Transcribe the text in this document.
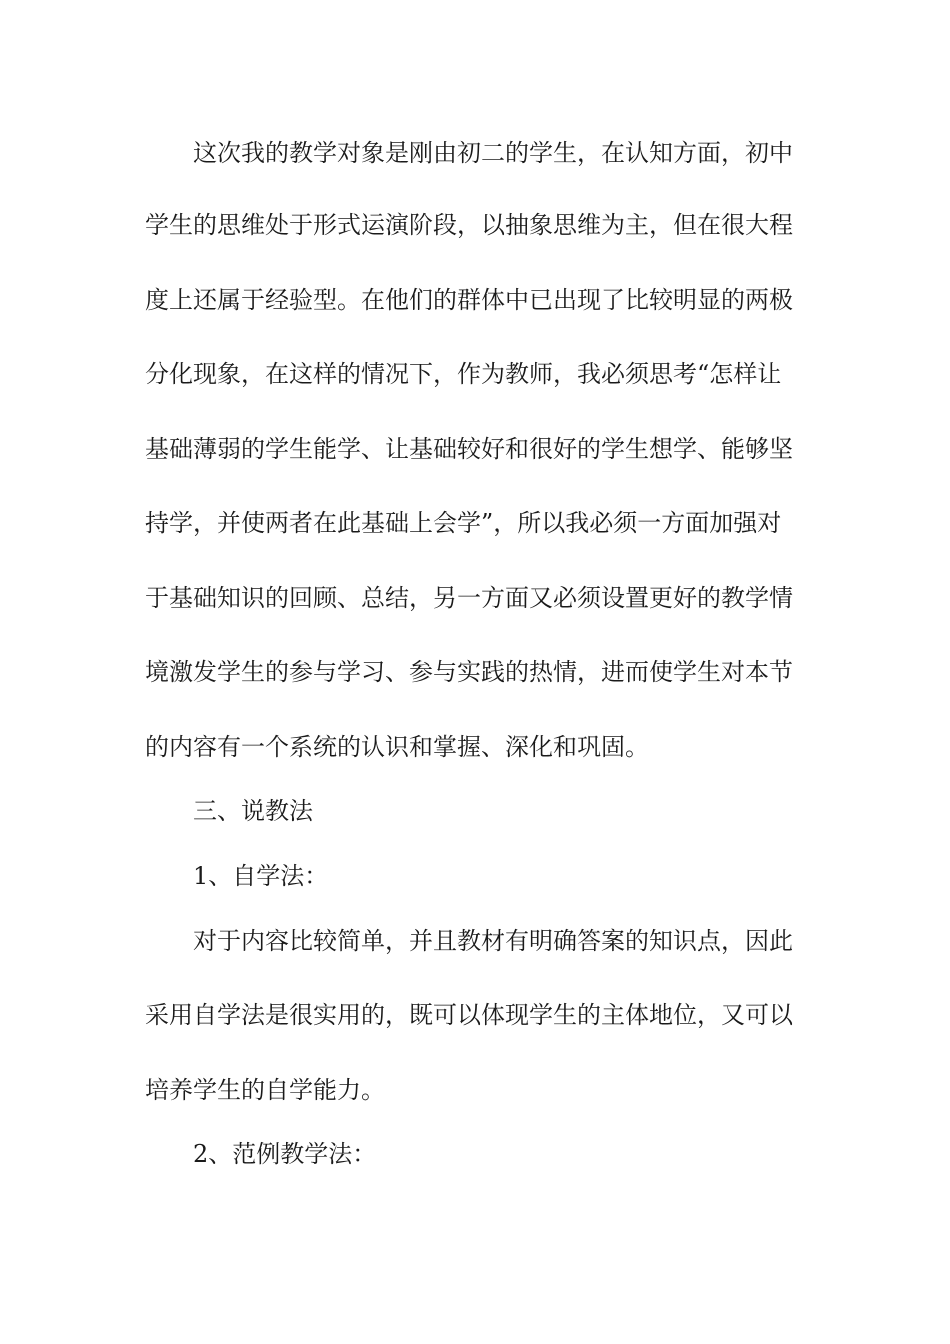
这次我的教学对象是刚由初二的学生，在认知方面，初中
学生的思维处于形式运演阶段，以抽象思维为主，但在很大程
度上还属于经验型。在他们的群体中已出现了比较明显的两极
分化现象，在这样的情况下，作为教师，我必须思考“怎样让
基础薄弱的学生能学、让基础较好和很好的学生想学、能够坚
持学，并使两者在此基础上会学”，所以我必须一方面加强对
于基础知识的回顾、总结，另一方面又必须设置更好的教学情
境激发学生的参与学习、参与实践的热情，进而使学生对本节
的内容有一个系统的认识和掌握、深化和巩固。
三、说教法
1、自学法：
对于内容比较简单，并且教材有明确答案的知识点，因此
采用自学法是很实用的，既可以体现学生的主体地位，又可以
培养学生的自学能力。
2、范例教学法：
